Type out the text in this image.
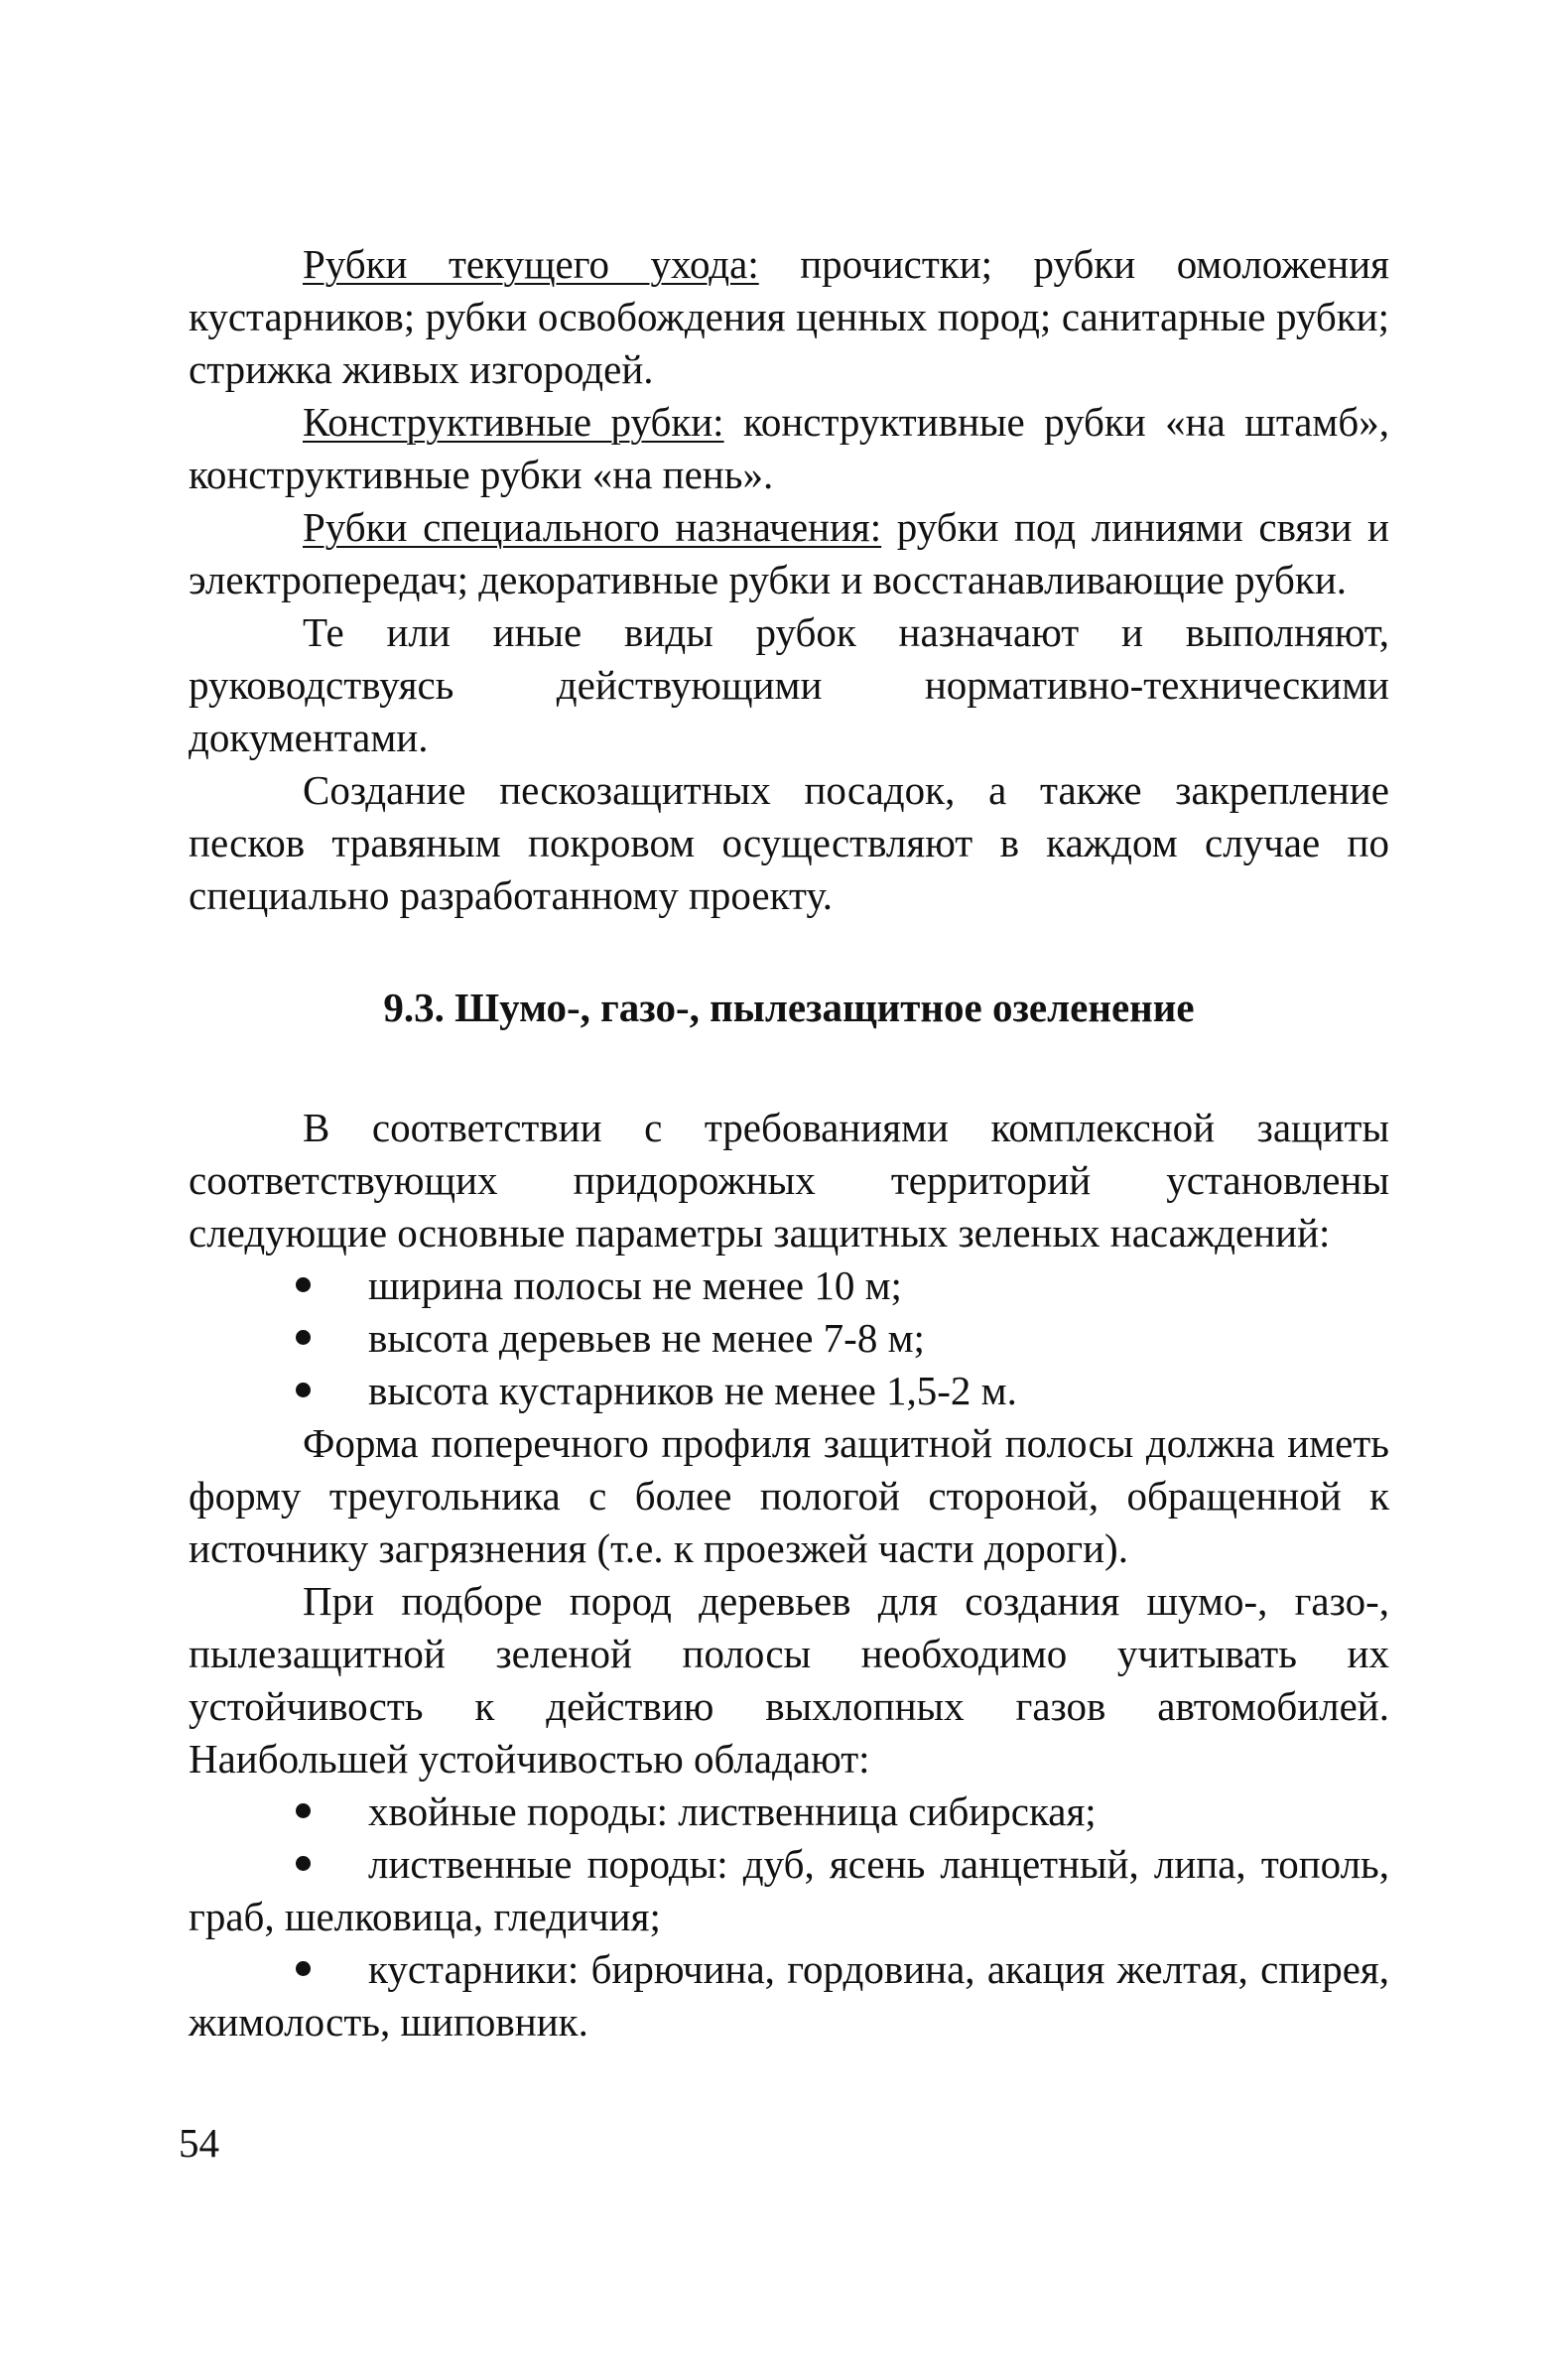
Рубки текущего ухода: прочистки; рубки омоложения кустарников; рубки освобождения ценных пород; санитарные рубки; стрижка живых изгородей.

Конструктивные рубки: конструктивные рубки «на штамб», конструктивные рубки «на пень».

Рубки специального назначения: рубки под линиями связи и электропередач; декоративные рубки и восстанавливающие рубки.

Те или иные виды рубок назначают и выполняют, руководствуясь действующими нормативно-техническими документами.

Создание пескозащитных посадок, а также закрепление песков травяным покровом осуществляют в каждом случае по специально разработанному проекту.

9.3. Шумо-, газо-, пылезащитное озеленение

В соответствии с требованиями комплексной защиты соответствующих придорожных территорий установлены следующие основные параметры защитных зеленых насаждений:

ширина полосы не менее 10 м;
высота деревьев не менее 7-8 м;
высота кустарников не менее 1,5-2 м.

Форма поперечного профиля защитной полосы должна иметь форму треугольника с более пологой стороной, обращенной к источнику загрязнения (т.е. к проезжей части дороги).

При подборе пород деревьев для создания шумо-, газо-, пылезащитной зеленой полосы необходимо учитывать их устойчивость к действию выхлопных газов автомобилей. Наибольшей устойчивостью обладают:

хвойные породы: лиственница сибирская;
лиственные породы: дуб, ясень ланцетный, липа, тополь, граб, шелковица, гледичия;
кустарники: бирючина, гордовина, акация желтая, спирея, жимолость, шиповник.
54
